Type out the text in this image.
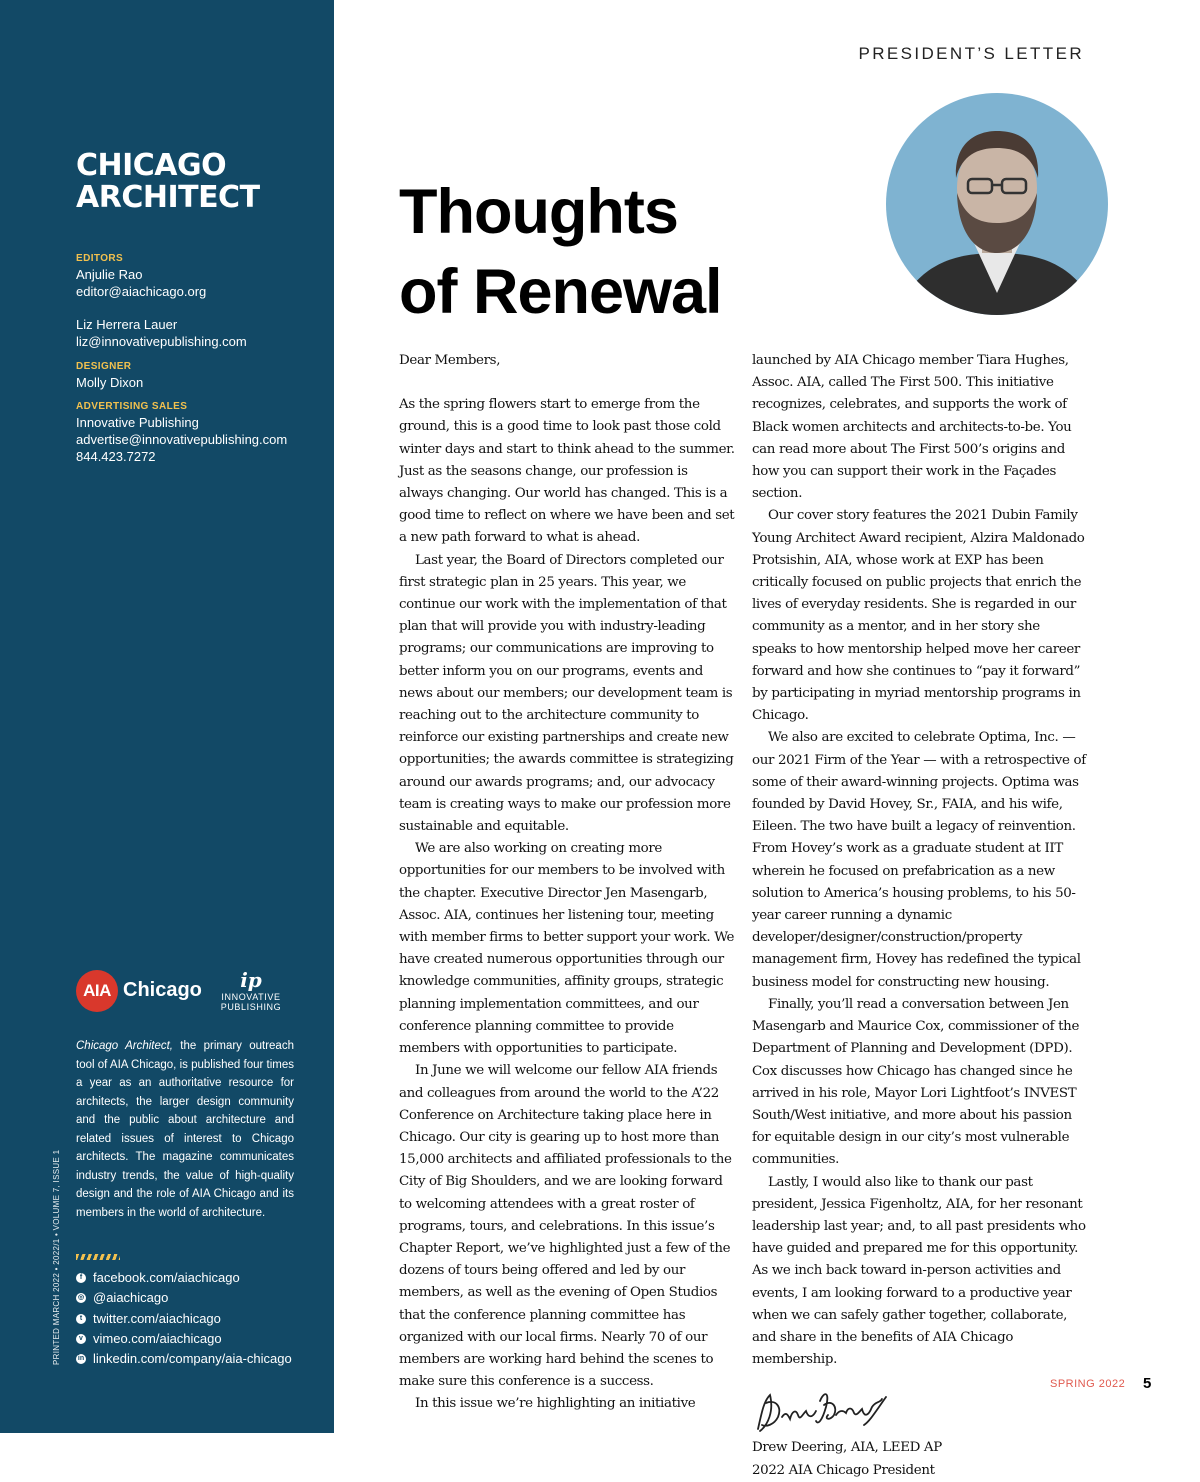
CHICAGO
ARCHITECT
EDITORS
Anjulie Rao
editor@aiachicago.org
Liz Herrera Lauer
liz@innovativepublishing.com
DESIGNER
Molly Dixon
ADVERTISING SALES
Innovative Publishing
advertise@innovativepublishing.com
844.423.7272
AIA Chicago	ip
INNOVATIVE
PUBLISHING
Chicago Architect, the primary outreach tool of AIA Chicago, is published four times a year as an authoritative resource for architects, the larger design community and the public about architecture and related issues of interest to Chicago architects. The magazine communicates industry trends, the value of high-quality design and the role of AIA Chicago and its members in the world of architecture.
PRINTED MARCH 2022 • 2022/1 • VOLUME 7, ISSUE 1	f facebook.com/aiachicago
◎ @aiachicago
t twitter.com/aiachicago
v vimeo.com/aiachicago
in linkedin.com/company/aia-chicago
PRESIDENT’S LETTER
Thoughts
of Renewal

Dear Members,

As the spring flowers start to emerge from the ground, this is a good time to look past those cold winter days and start to think ahead to the summer. Just as the seasons change, our profession is always changing. Our world has changed. This is a good time to reflect on where we have been and set a new path forward to what is ahead.

Last year, the Board of Directors completed our first strategic plan in 25 years. This year, we continue our work with the implementation of that plan that will provide you with industry-leading programs; our communications are improving to better inform you on our programs, events and news about our members; our development team is reaching out to the architecture community to reinforce our existing partnerships and create new opportunities; the awards committee is strategizing around our awards programs; and, our advocacy team is creating ways to make our profession more sustainable and equitable.

We are also working on creating more opportunities for our members to be involved with the chapter. Executive Director Jen Masengarb, Assoc. AIA, continues her listening tour, meeting with member firms to better support your work. We have created numerous opportunities through our knowledge communities, affinity groups, strategic planning implementation committees, and our conference planning committee to provide members with opportunities to participate.

In June we will welcome our fellow AIA friends and colleagues from around the world to the A’22 Conference on Architecture taking place here in Chicago. Our city is gearing up to host more than 15,000 architects and affiliated professionals to the City of Big Shoulders, and we are looking forward to welcoming attendees with a great roster of programs, tours, and celebrations. In this issue’s Chapter Report, we’ve highlighted just a few of the dozens of tours being offered and led by our members, as well as the evening of Open Studios that the conference planning committee has organized with our local firms. Nearly 70 of our members are working hard behind the scenes to make sure this conference is a success.

In this issue we’re highlighting an initiative

launched by AIA Chicago member Tiara Hughes, Assoc. AIA, called The First 500. This initiative recognizes, celebrates, and supports the work of Black women architects and architects-to-be. You can read more about The First 500’s origins and how you can support their work in the Façades section.

Our cover story features the 2021 Dubin Family Young Architect Award recipient, Alzira Maldonado Protsishin, AIA, whose work at EXP has been critically focused on public projects that enrich the lives of everyday residents. She is regarded in our community as a mentor, and in her story she speaks to how mentorship helped move her career forward and how she continues to “pay it forward” by participating in myriad mentorship programs in Chicago.

We also are excited to celebrate Optima, Inc. — our 2021 Firm of the Year — with a retrospective of some of their award-winning projects. Optima was founded by David Hovey, Sr., FAIA, and his wife, Eileen. The two have built a legacy of reinvention. From Hovey’s work as a graduate student at IIT wherein he focused on prefabrication as a new solution to America’s housing problems, to his 50-year career running a dynamic developer/designer/construction/property management firm, Hovey has redefined the typical business model for constructing new housing.

Finally, you’ll read a conversation between Jen Masengarb and Maurice Cox, commissioner of the Department of Planning and Development (DPD). Cox discusses how Chicago has changed since he arrived in his role, Mayor Lori Lightfoot’s INVEST South/West initiative, and more about his passion for equitable design in our city’s most vulnerable communities.

Lastly, I would also like to thank our past president, Jessica Figenholtz, AIA, for her resonant leadership last year; and, to all past presidents who have guided and prepared me for this opportunity. As we inch back toward in-person activities and events, I am looking forward to a productive year when we can safely gather together, collaborate, and share in the benefits of AIA Chicago membership.

Drew Deering, AIA, LEED AP

2022 AIA Chicago President

SPRING 2022 5
